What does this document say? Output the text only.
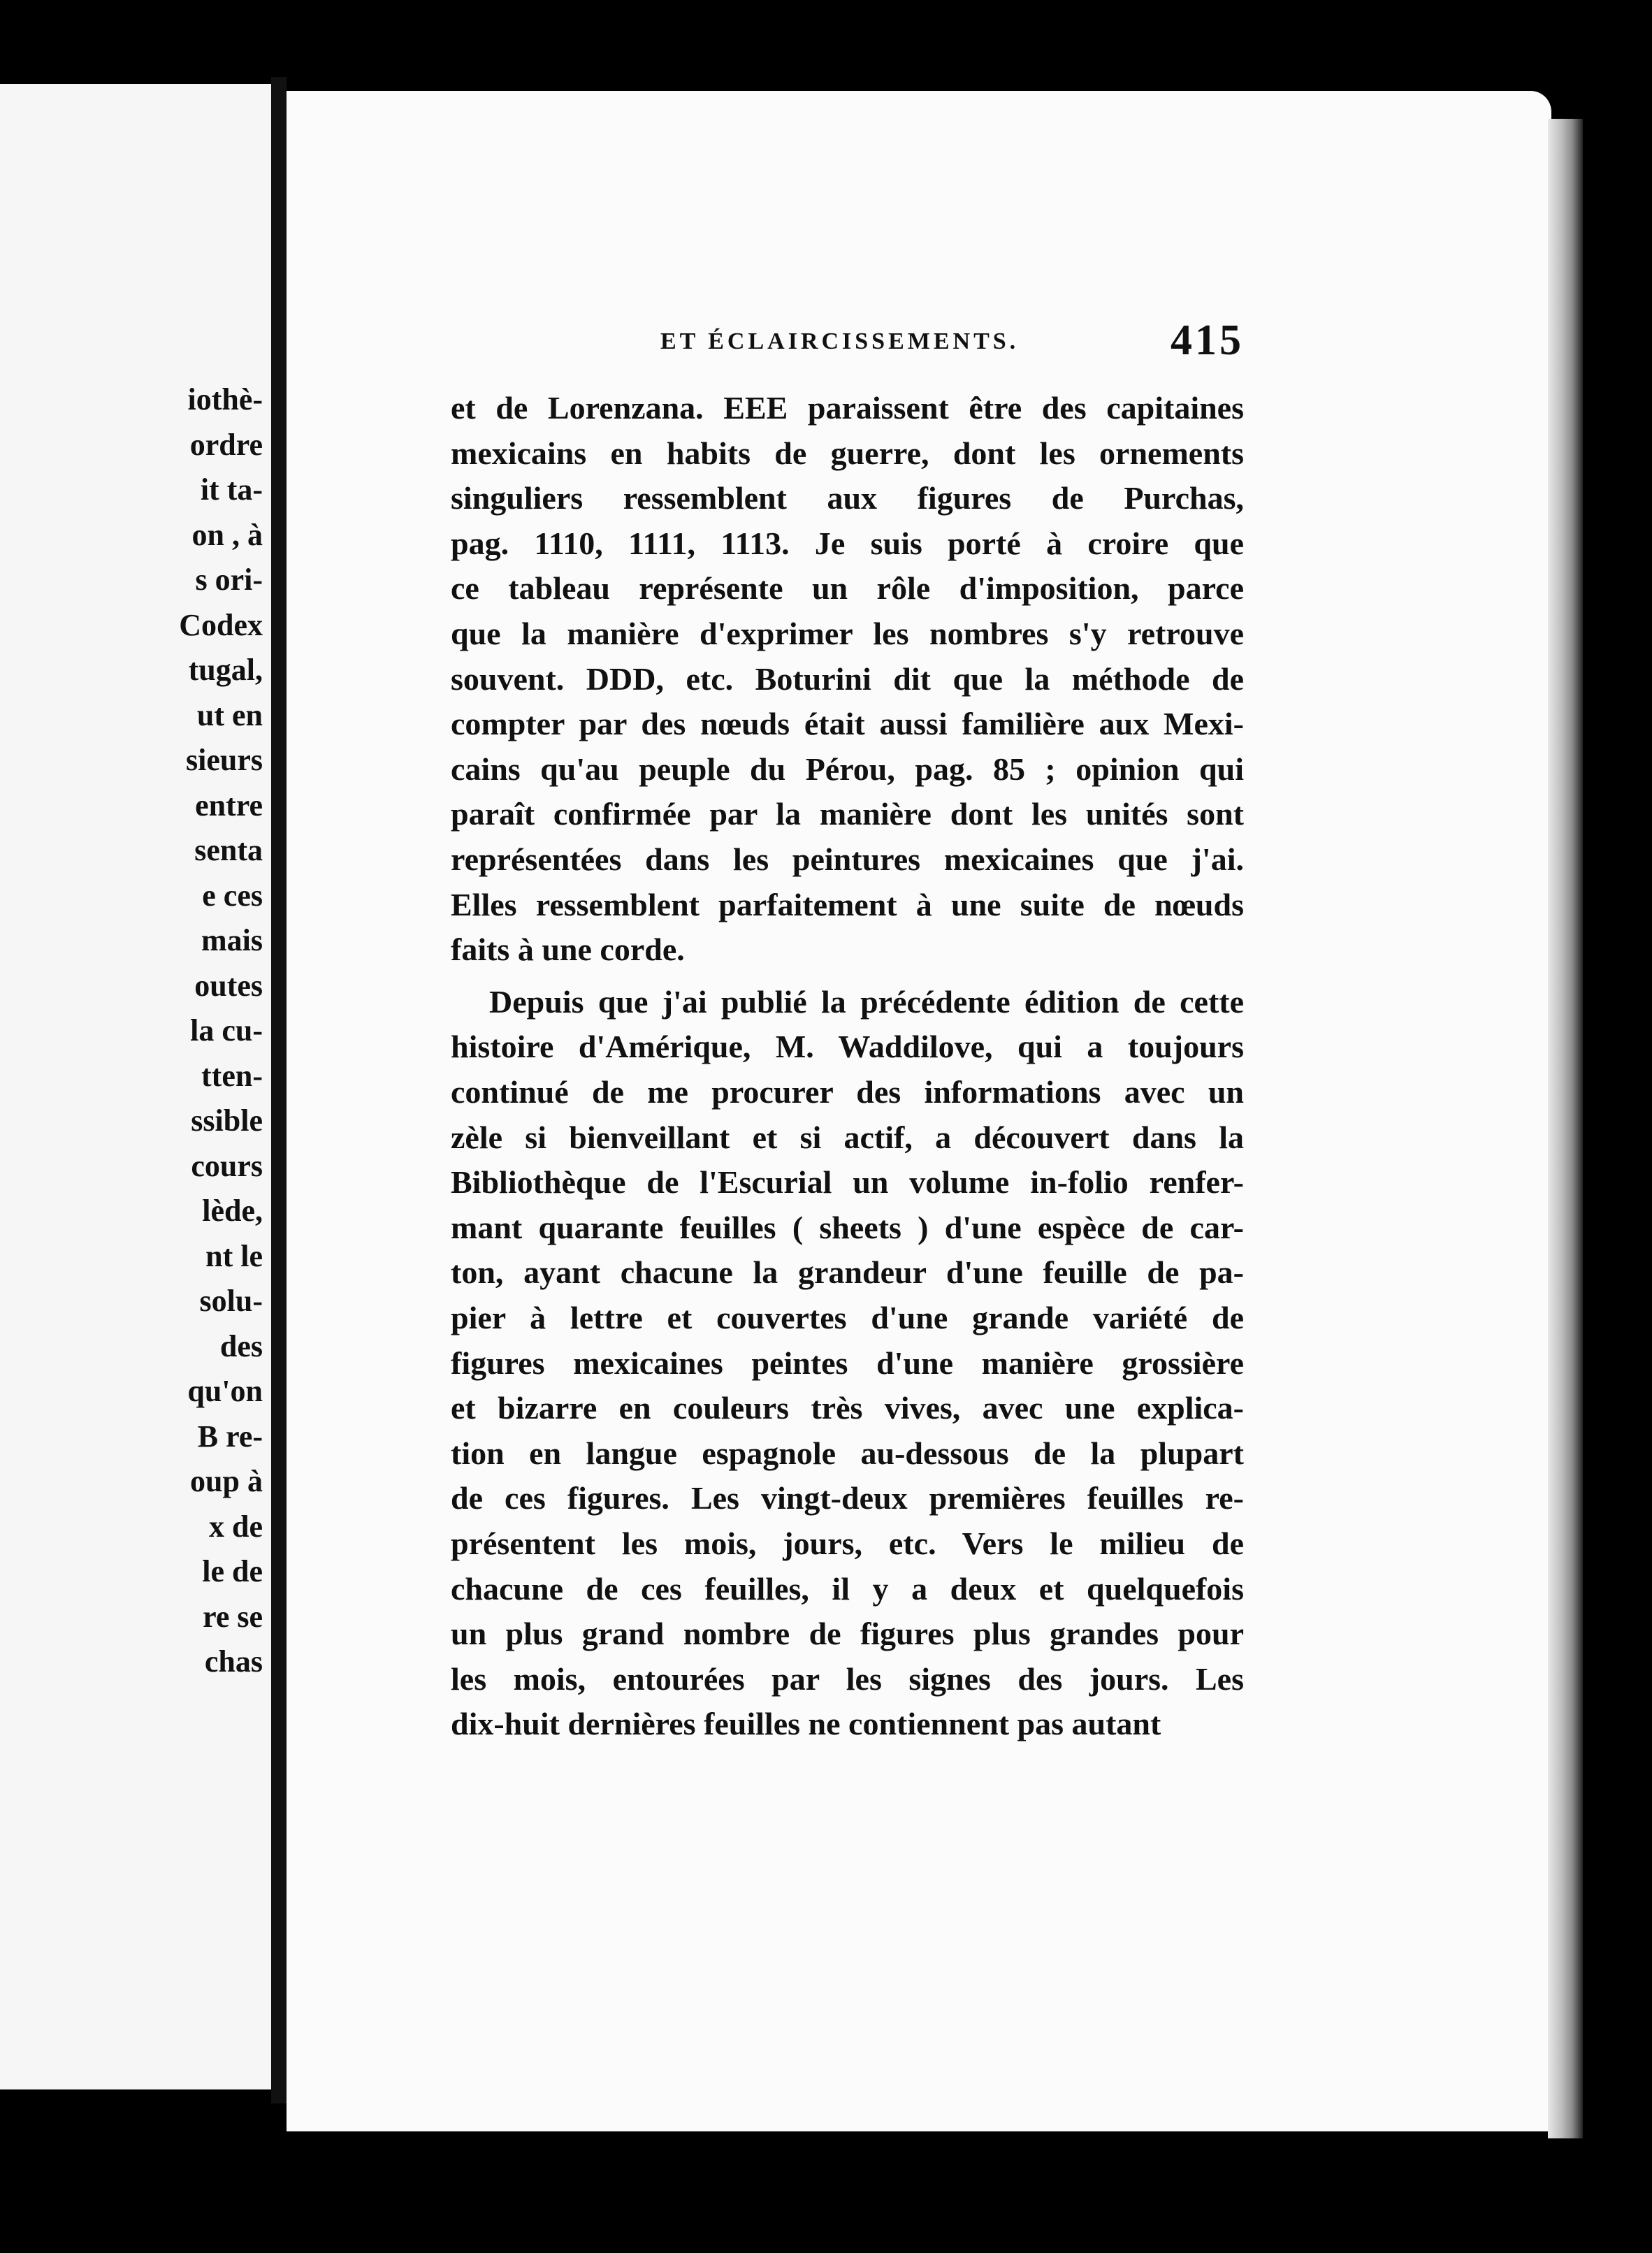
iothè-
ordre
it ta-
on , à
s ori-
Codex
tugal,
ut en
sieurs
entre
senta
e ces
mais
outes
la cu-
tten-
ssible
cours
lède,
nt le
solu-
des
qu'on
B re-
oup à
x de
le de
re se
chas
ET ÉCLAIRCISSEMENTS.	415
et de Lorenzana. EEE paraissent être des capitaines
mexicains en habits de guerre, dont les ornements
singuliers ressemblent aux figures de Purchas,
pag. 1110, 1111, 1113. Je suis porté à croire que
ce tableau représente un rôle d'imposition, parce
que la manière d'exprimer les nombres s'y retrouve
souvent. DDD, etc. Boturini dit que la méthode de
compter par des nœuds était aussi familière aux Mexi-
cains qu'au peuple du Pérou, pag. 85 ; opinion qui
paraît confirmée par la manière dont les unités sont
représentées dans les peintures mexicaines que j'ai.
Elles ressemblent parfaitement à une suite de nœuds
faits à une corde.
Depuis que j'ai publié la précédente édition de cette
histoire d'Amérique, M. Waddilove, qui a toujours
continué de me procurer des informations avec un
zèle si bienveillant et si actif, a découvert dans la
Bibliothèque de l'Escurial un volume in-folio renfer-
mant quarante feuilles ( sheets ) d'une espèce de car-
ton, ayant chacune la grandeur d'une feuille de pa-
pier à lettre et couvertes d'une grande variété de
figures mexicaines peintes d'une manière grossière
et bizarre en couleurs très vives, avec une explica-
tion en langue espagnole au-dessous de la plupart
de ces figures. Les vingt-deux premières feuilles re-
présentent les mois, jours, etc. Vers le milieu de
chacune de ces feuilles, il y a deux et quelquefois
un plus grand nombre de figures plus grandes pour
les mois, entourées par les signes des jours. Les
dix-huit dernières feuilles ne contiennent pas autant
